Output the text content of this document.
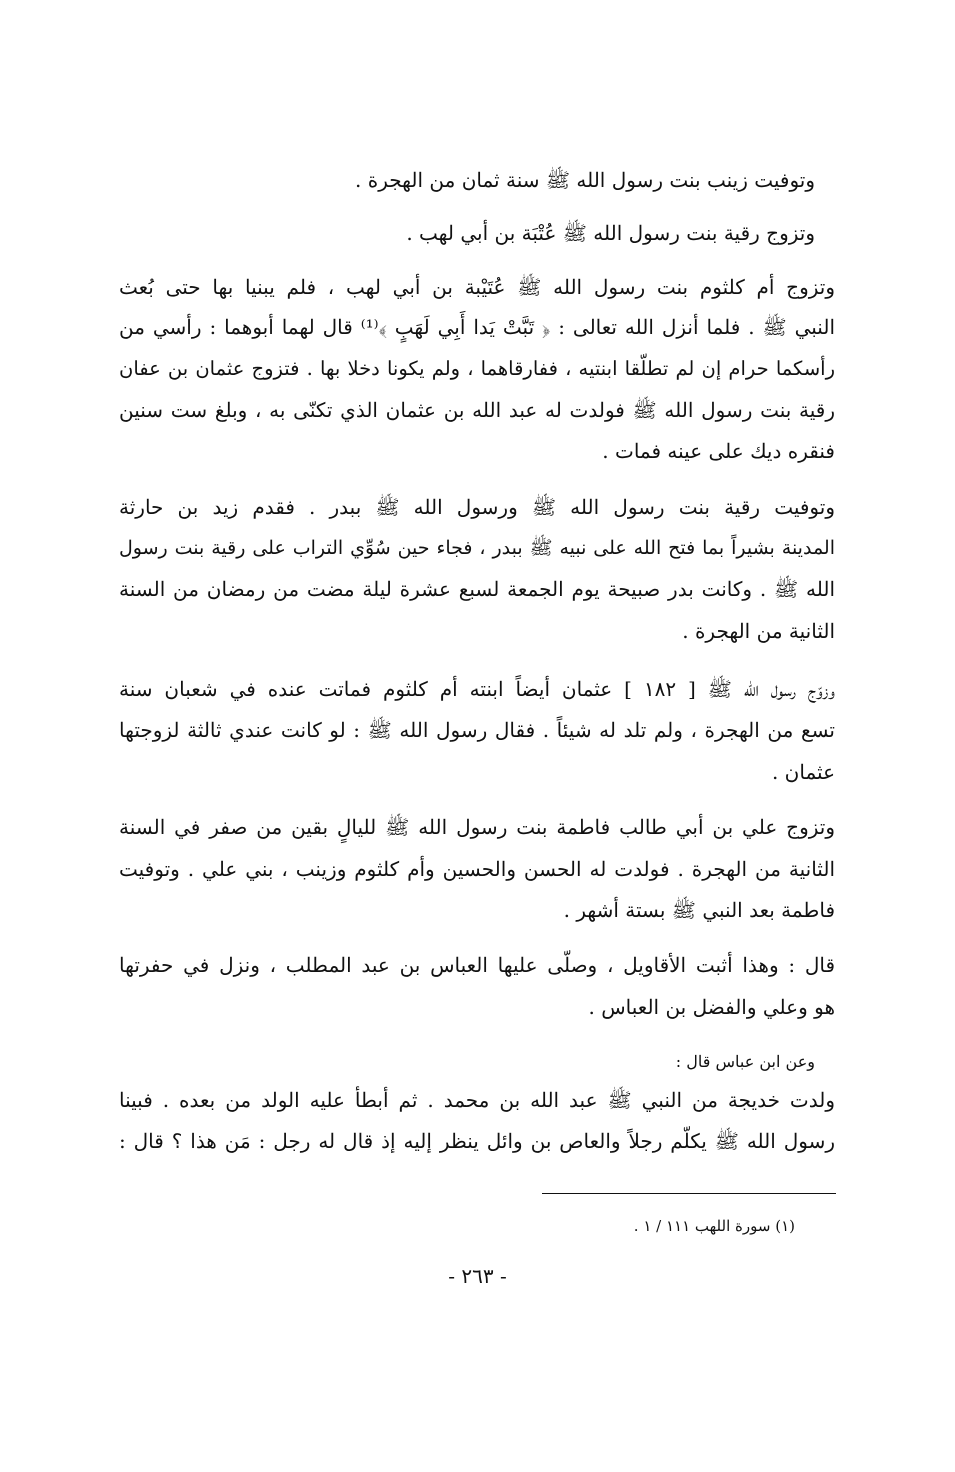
وتوفيت زينب بنت رسول الله ﷺ سنة ثمان من الهجرة .
وتزوج رقية بنت رسول الله ﷺ عُتْبَة بن أبي لهب .
وتزوج أم كلثوم بنت رسول الله ﷺ عُتَيْبة بن أبي لهب ، فلم يبنيا بها حتى بُعث
النبي ﷺ . فلما أنزل الله تعالى : ﴿ تَبَّتْ يَدا أَبِي لَهَبٍ ﴾⁽¹⁾ قال لهما أبوهما : رأسي من
رأسكما حرام إن لم تطلّقا ابنتيه ، ففارقاهما ، ولم يكونا دخلا بها . فتزوج عثمان بن عفان
رقية بنت رسول الله ﷺ فولدت له عبد الله بن عثمان الذي تكنّى به ، وبلغ ست سنين
فنقره ديك على عينه فمات .
وتوفيت رقية بنت رسول الله ﷺ ورسول الله ﷺ ببدر . فقدم زيد بن حارثة
المدينة بشيراً بما فتح الله على نبيه ﷺ ببدر ، فجاء حين سُوِّي التراب على رقية بنت رسول
الله ﷺ . وكانت بدر صبيحة يوم الجمعة لسبع عشرة ليلة مضت من رمضان من السنة
الثانية من الهجرة .
وزوّج رسول الله ﷺ [ ١٨٢ ] عثمان أيضاً ابنته أم كلثوم فماتت عنده في شعبان سنة
تسع من الهجرة ، ولم تلد له شيئاً . فقال رسول الله ﷺ : لو كانت عندي ثالثة لزوجتها
عثمان .
وتزوج علي بن أبي طالب فاطمة بنت رسول الله ﷺ لليالٍ بقين من صفر في السنة
الثانية من الهجرة . فولدت له الحسن والحسين وأم كلثوم وزينب ، بني علي . وتوفيت
فاطمة بعد النبي ﷺ بستة أشهر .
قال : وهذا أثبت الأقاويل ، وصلّى عليها العباس بن عبد المطلب ، ونزل في حفرتها
هو وعلي والفضل بن العباس .
وعن ابن عباس قال :
ولدت خديجة من النبي ﷺ عبد الله بن محمد . ثم أبطأ عليه الولد من بعده . فبينا
رسول الله ﷺ يكلّم رجلاً والعاص بن وائل ينظر إليه إذ قال له رجل : مَن هذا ؟ قال :
(١) سورة اللهب ١١١ / ١ .
- ٢٦٣ -
